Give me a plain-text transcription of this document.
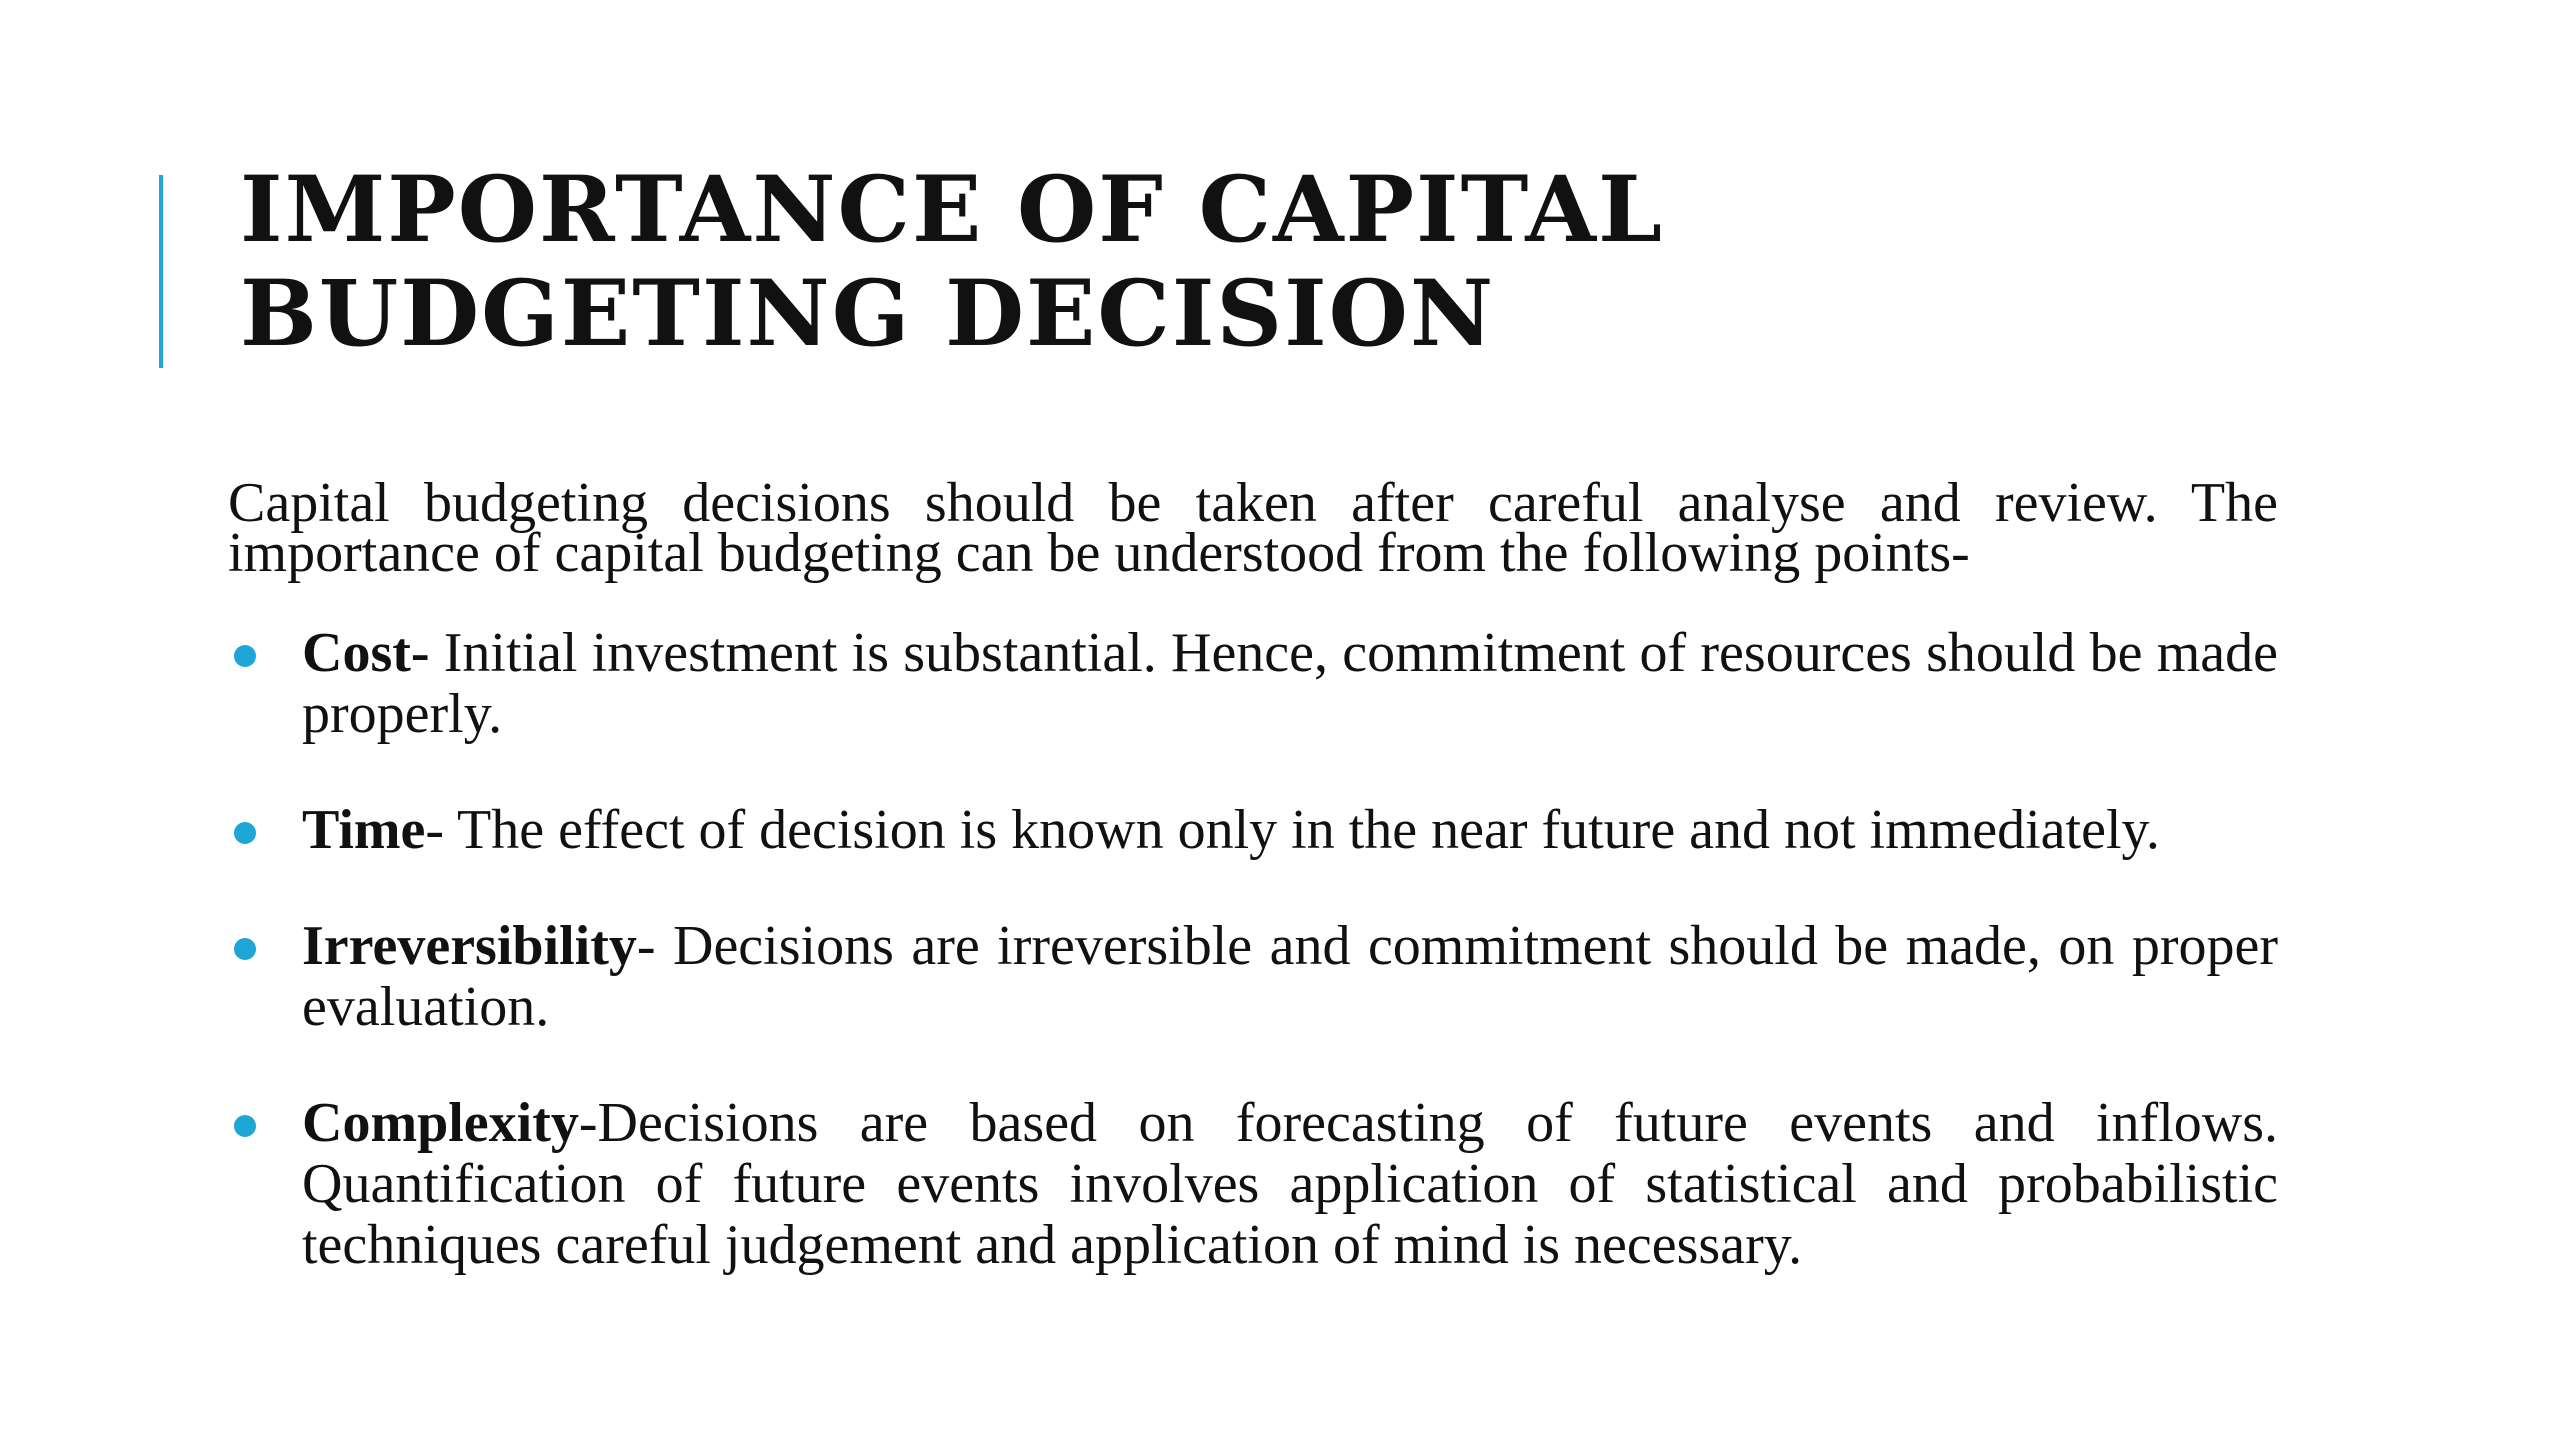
IMPORTANCE OF CAPITAL BUDGETING DECISION

Capital budgeting decisions should be taken after careful analyse and review. The importance of capital budgeting can be understood from the following points-

Cost- Initial investment is substantial. Hence, commitment of resources should be made properly.
Time- The effect of decision is known only in the near future and not immediately.
Irreversibility- Decisions are irreversible and commitment should be made, on proper evaluation.
Complexity-Decisions are based on forecasting of future events and inflows. Quantification of future events involves application of statistical and probabilistic techniques careful judgement and application of mind is necessary.
